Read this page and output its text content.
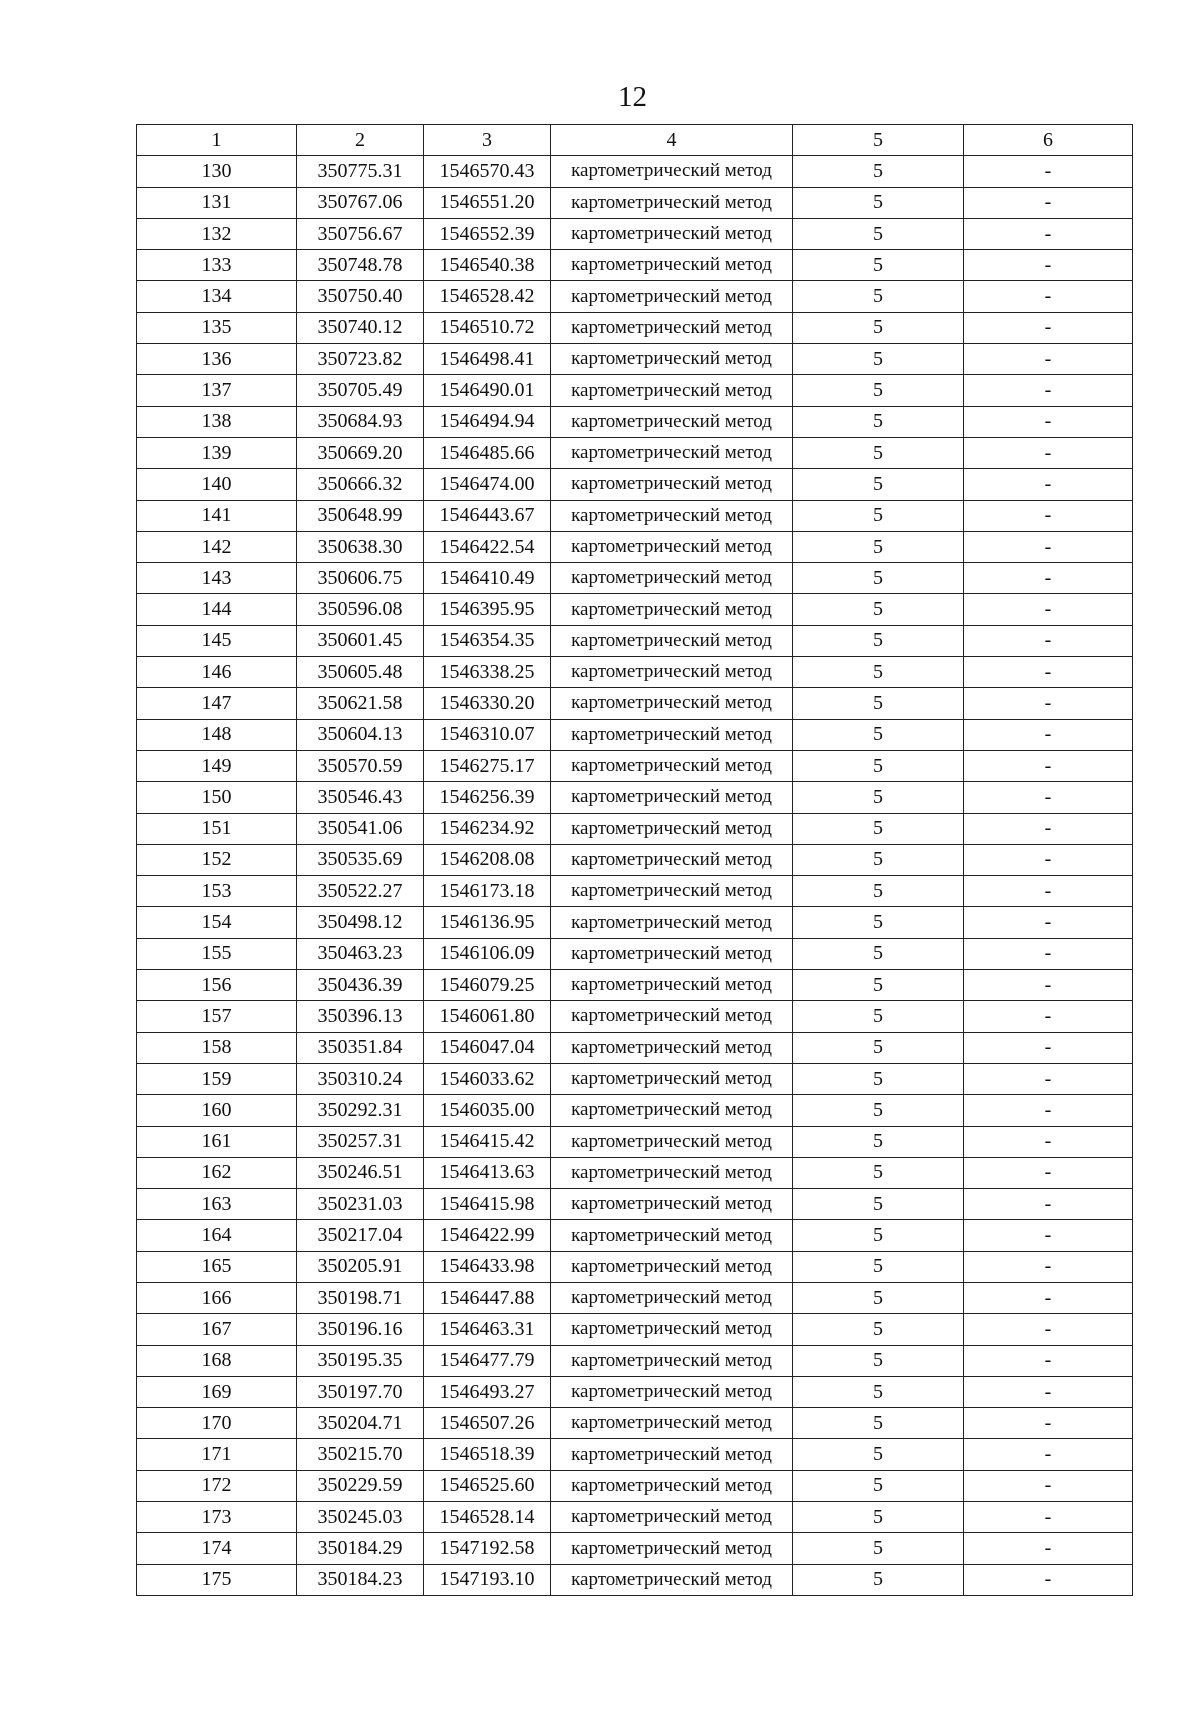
12
1	2	3	4	5	6
130	350775.31	1546570.43	картометрический метод	5	-
131	350767.06	1546551.20	картометрический метод	5	-
132	350756.67	1546552.39	картометрический метод	5	-
133	350748.78	1546540.38	картометрический метод	5	-
134	350750.40	1546528.42	картометрический метод	5	-
135	350740.12	1546510.72	картометрический метод	5	-
136	350723.82	1546498.41	картометрический метод	5	-
137	350705.49	1546490.01	картометрический метод	5	-
138	350684.93	1546494.94	картометрический метод	5	-
139	350669.20	1546485.66	картометрический метод	5	-
140	350666.32	1546474.00	картометрический метод	5	-
141	350648.99	1546443.67	картометрический метод	5	-
142	350638.30	1546422.54	картометрический метод	5	-
143	350606.75	1546410.49	картометрический метод	5	-
144	350596.08	1546395.95	картометрический метод	5	-
145	350601.45	1546354.35	картометрический метод	5	-
146	350605.48	1546338.25	картометрический метод	5	-
147	350621.58	1546330.20	картометрический метод	5	-
148	350604.13	1546310.07	картометрический метод	5	-
149	350570.59	1546275.17	картометрический метод	5	-
150	350546.43	1546256.39	картометрический метод	5	-
151	350541.06	1546234.92	картометрический метод	5	-
152	350535.69	1546208.08	картометрический метод	5	-
153	350522.27	1546173.18	картометрический метод	5	-
154	350498.12	1546136.95	картометрический метод	5	-
155	350463.23	1546106.09	картометрический метод	5	-
156	350436.39	1546079.25	картометрический метод	5	-
157	350396.13	1546061.80	картометрический метод	5	-
158	350351.84	1546047.04	картометрический метод	5	-
159	350310.24	1546033.62	картометрический метод	5	-
160	350292.31	1546035.00	картометрический метод	5	-
161	350257.31	1546415.42	картометрический метод	5	-
162	350246.51	1546413.63	картометрический метод	5	-
163	350231.03	1546415.98	картометрический метод	5	-
164	350217.04	1546422.99	картометрический метод	5	-
165	350205.91	1546433.98	картометрический метод	5	-
166	350198.71	1546447.88	картометрический метод	5	-
167	350196.16	1546463.31	картометрический метод	5	-
168	350195.35	1546477.79	картометрический метод	5	-
169	350197.70	1546493.27	картометрический метод	5	-
170	350204.71	1546507.26	картометрический метод	5	-
171	350215.70	1546518.39	картометрический метод	5	-
172	350229.59	1546525.60	картометрический метод	5	-
173	350245.03	1546528.14	картометрический метод	5	-
174	350184.29	1547192.58	картометрический метод	5	-
175	350184.23	1547193.10	картометрический метод	5	-
